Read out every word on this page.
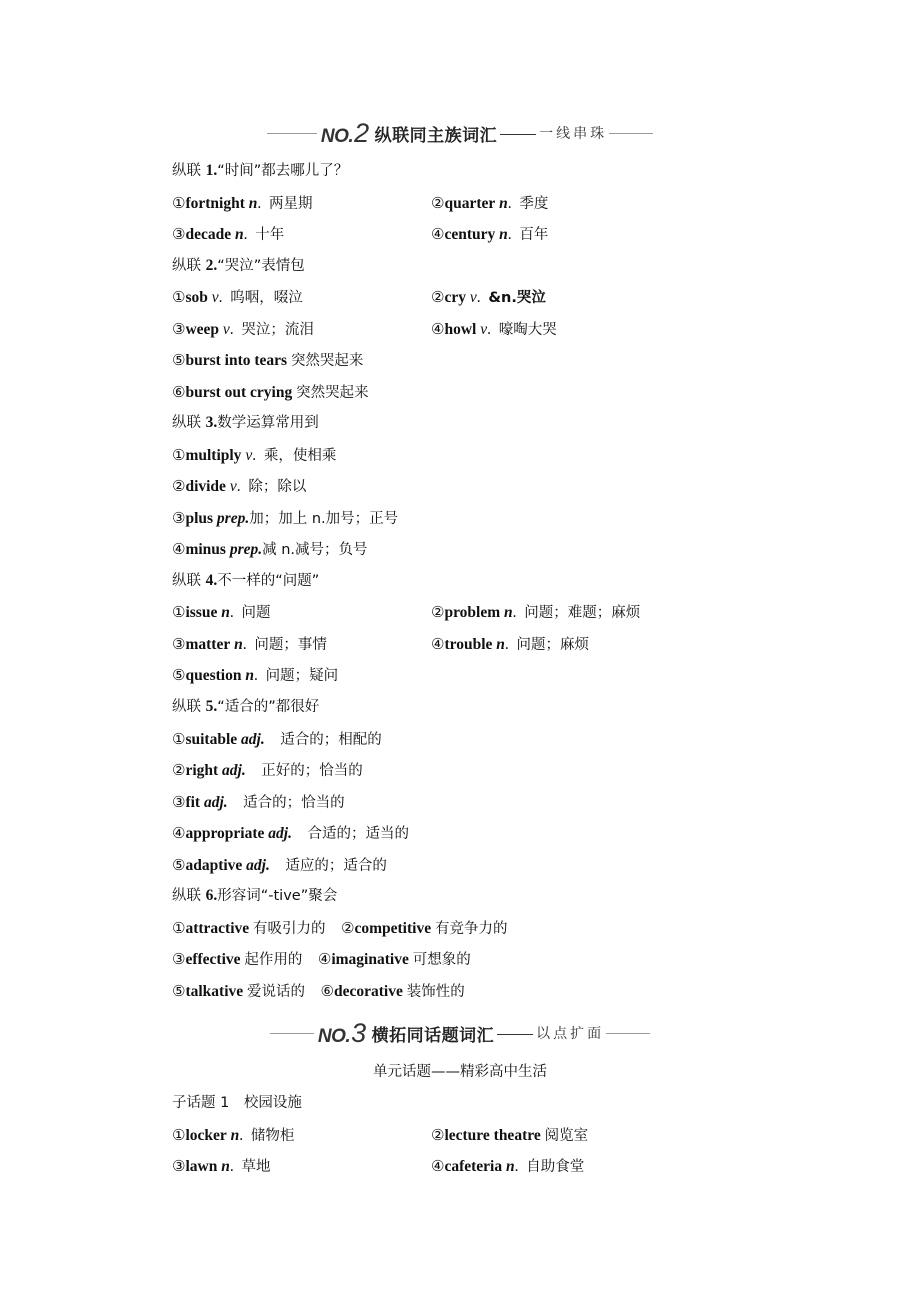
NO.2 纵联同主族词汇	一线串珠
纵联 1.“时间”都去哪儿了？
①fortnight n. 两星期	②quarter n. 季度
③decade n. 十年	④century n. 百年
纵联 2.“哭泣”表情包
①sob v. 呜咽，啜泣	②cry v. &n.哭泣
③weep v. 哭泣；流泪	④howl v. 嚎啕大哭
⑤burst into tears 突然哭起来
⑥burst out crying 突然哭起来
纵联 3.数学运算常用到
①multiply v. 乘，使相乘
②divide v. 除；除以
③plus prep.加；加上 n.加号；正号
④minus prep.减 n.减号；负号
纵联 4.不一样的“问题”
①issue n. 问题	②problem n. 问题；难题；麻烦
③matter n. 问题；事情	④trouble n. 问题；麻烦
⑤question n. 问题；疑问
纵联 5.“适合的”都很好
①suitable adj. 适合的；相配的
②right adj. 正好的；恰当的
③fit adj. 适合的；恰当的
④appropriate adj. 合适的；适当的
⑤adaptive adj. 适应的；适合的
纵联 6.形容词“-tive”聚会
①attractive 有吸引力的 ②competitive 有竞争力的
③effective 起作用的 ④imaginative 可想象的
⑤talkative 爱说话的 ⑥decorative 装饰性的
NO.3 横拓同话题词汇	以点扩面
单元话题——精彩高中生活
子话题 1　校园设施
①locker n. 储物柜	②lecture theatre 阅览室
③lawn n. 草地	④cafeteria n. 自助食堂
